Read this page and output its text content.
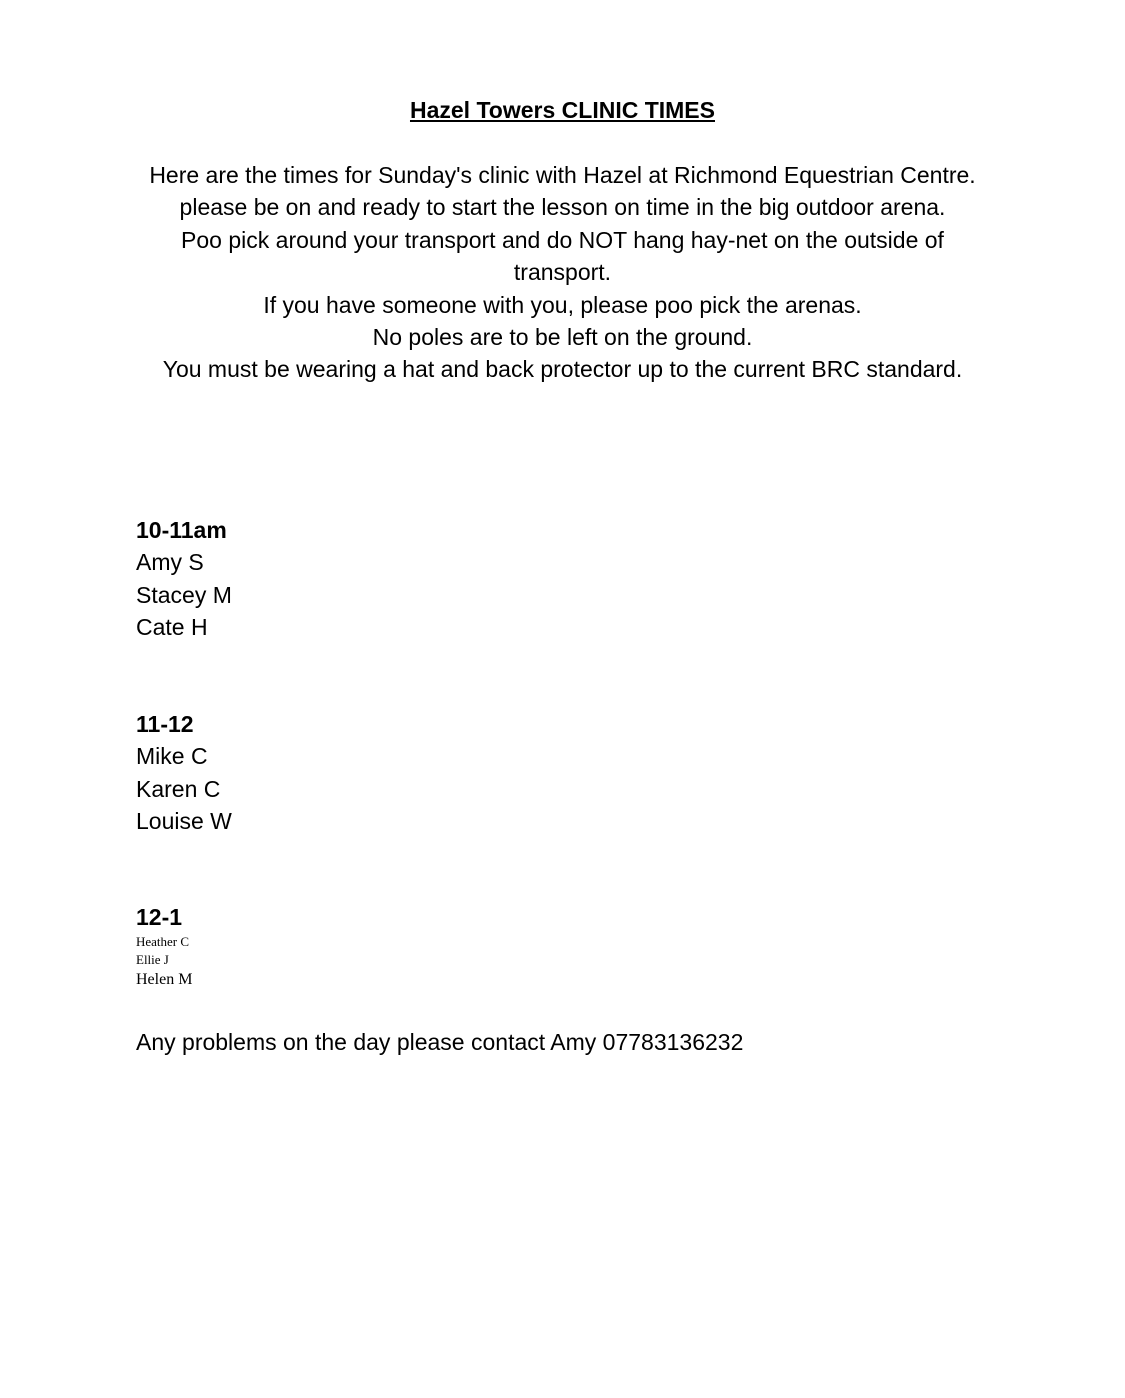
Hazel Towers CLINIC TIMES

Here are the times for Sunday's clinic with Hazel at Richmond Equestrian Centre.

please be on and ready to start the lesson on time in the big outdoor arena.

Poo pick around your transport and do NOT hang hay-net on the outside of transport.

If you have someone with you, please poo pick the arenas.

No poles are to be left on the ground.

You must be wearing a hat and back protector up to the current BRC standard.

10-11am
Amy S
Stacey M
Cate H
11-12
Mike C
Karen C
Louise W
12-1
Heather C
Ellie J
Helen M
Any problems on the day please contact Amy 07783136232
